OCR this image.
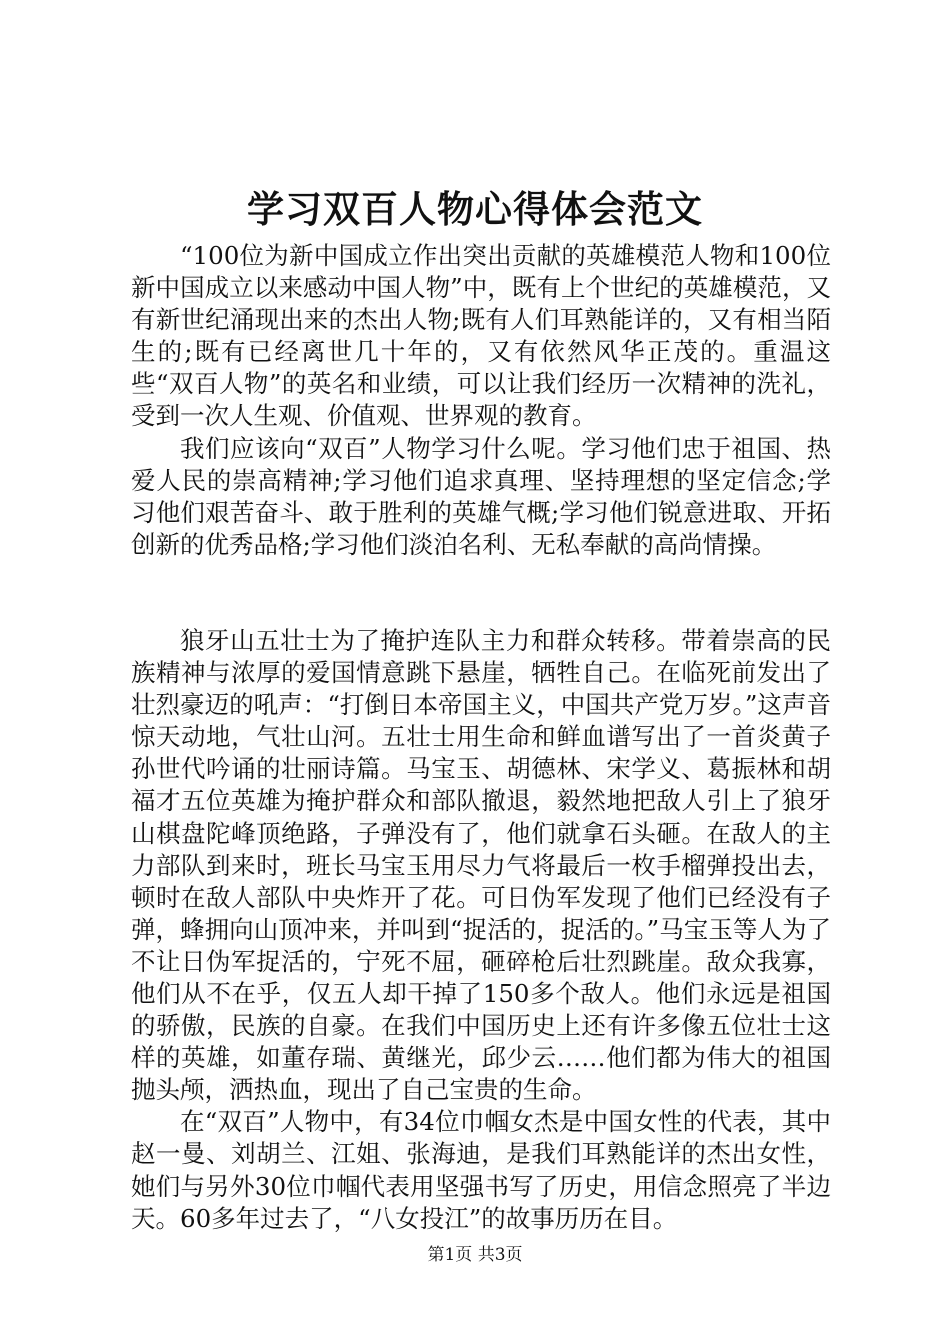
学习双百人物心得体会范文

“100位为新中国成立作出突出贡献的英雄模范人物和100位新中国成立以来感动中国人物”中，既有上个世纪的英雄模范，又有新世纪涌现出来的杰出人物;既有人们耳熟能详的，又有相当陌生的;既有已经离世几十年的，又有依然风华正茂的。重温这些“双百人物”的英名和业绩，可以让我们经历一次精神的洗礼，受到一次人生观、价值观、世界观的教育。

我们应该向“双百”人物学习什么呢。学习他们忠于祖国、热爱人民的崇高精神;学习他们追求真理、坚持理想的坚定信念;学习他们艰苦奋斗、敢于胜利的英雄气概;学习他们锐意进取、开拓创新的优秀品格;学习他们淡泊名利、无私奉献的高尚情操。

狼牙山五壮士为了掩护连队主力和群众转移。带着崇高的民族精神与浓厚的爱国情意跳下悬崖，牺牲自己。在临死前发出了壮烈豪迈的吼声：“打倒日本帝国主义，中国共产党万岁。”这声音惊天动地，气壮山河。五壮士用生命和鲜血谱写出了一首炎黄子孙世代吟诵的壮丽诗篇。马宝玉、胡德林、宋学义、葛振林和胡福才五位英雄为掩护群众和部队撤退，毅然地把敌人引上了狼牙山棋盘陀峰顶绝路，子弹没有了，他们就拿石头砸。在敌人的主力部队到来时，班长马宝玉用尽力气将最后一枚手榴弹投出去，顿时在敌人部队中央炸开了花。可日伪军发现了他们已经没有子弹，蜂拥向山顶冲来，并叫到“捉活的，捉活的。”马宝玉等人为了不让日伪军捉活的，宁死不屈，砸碎枪后壮烈跳崖。敌众我寡，他们从不在乎，仅五人却干掉了150多个敌人。他们永远是祖国的骄傲，民族的自豪。在我们中国历史上还有许多像五位壮士这样的英雄，如董存瑞、黄继光，邱少云……他们都为伟大的祖国抛头颅，洒热血，现出了自己宝贵的生命。

在“双百”人物中，有34位巾帼女杰是中国女性的代表，其中赵一曼、刘胡兰、江姐、张海迪，是我们耳熟能详的杰出女性，她们与另外30位巾帼代表用坚强书写了历史，用信念照亮了半边天。60多年过去了，“八女投江”的故事历历在目。

第1页 共3页
